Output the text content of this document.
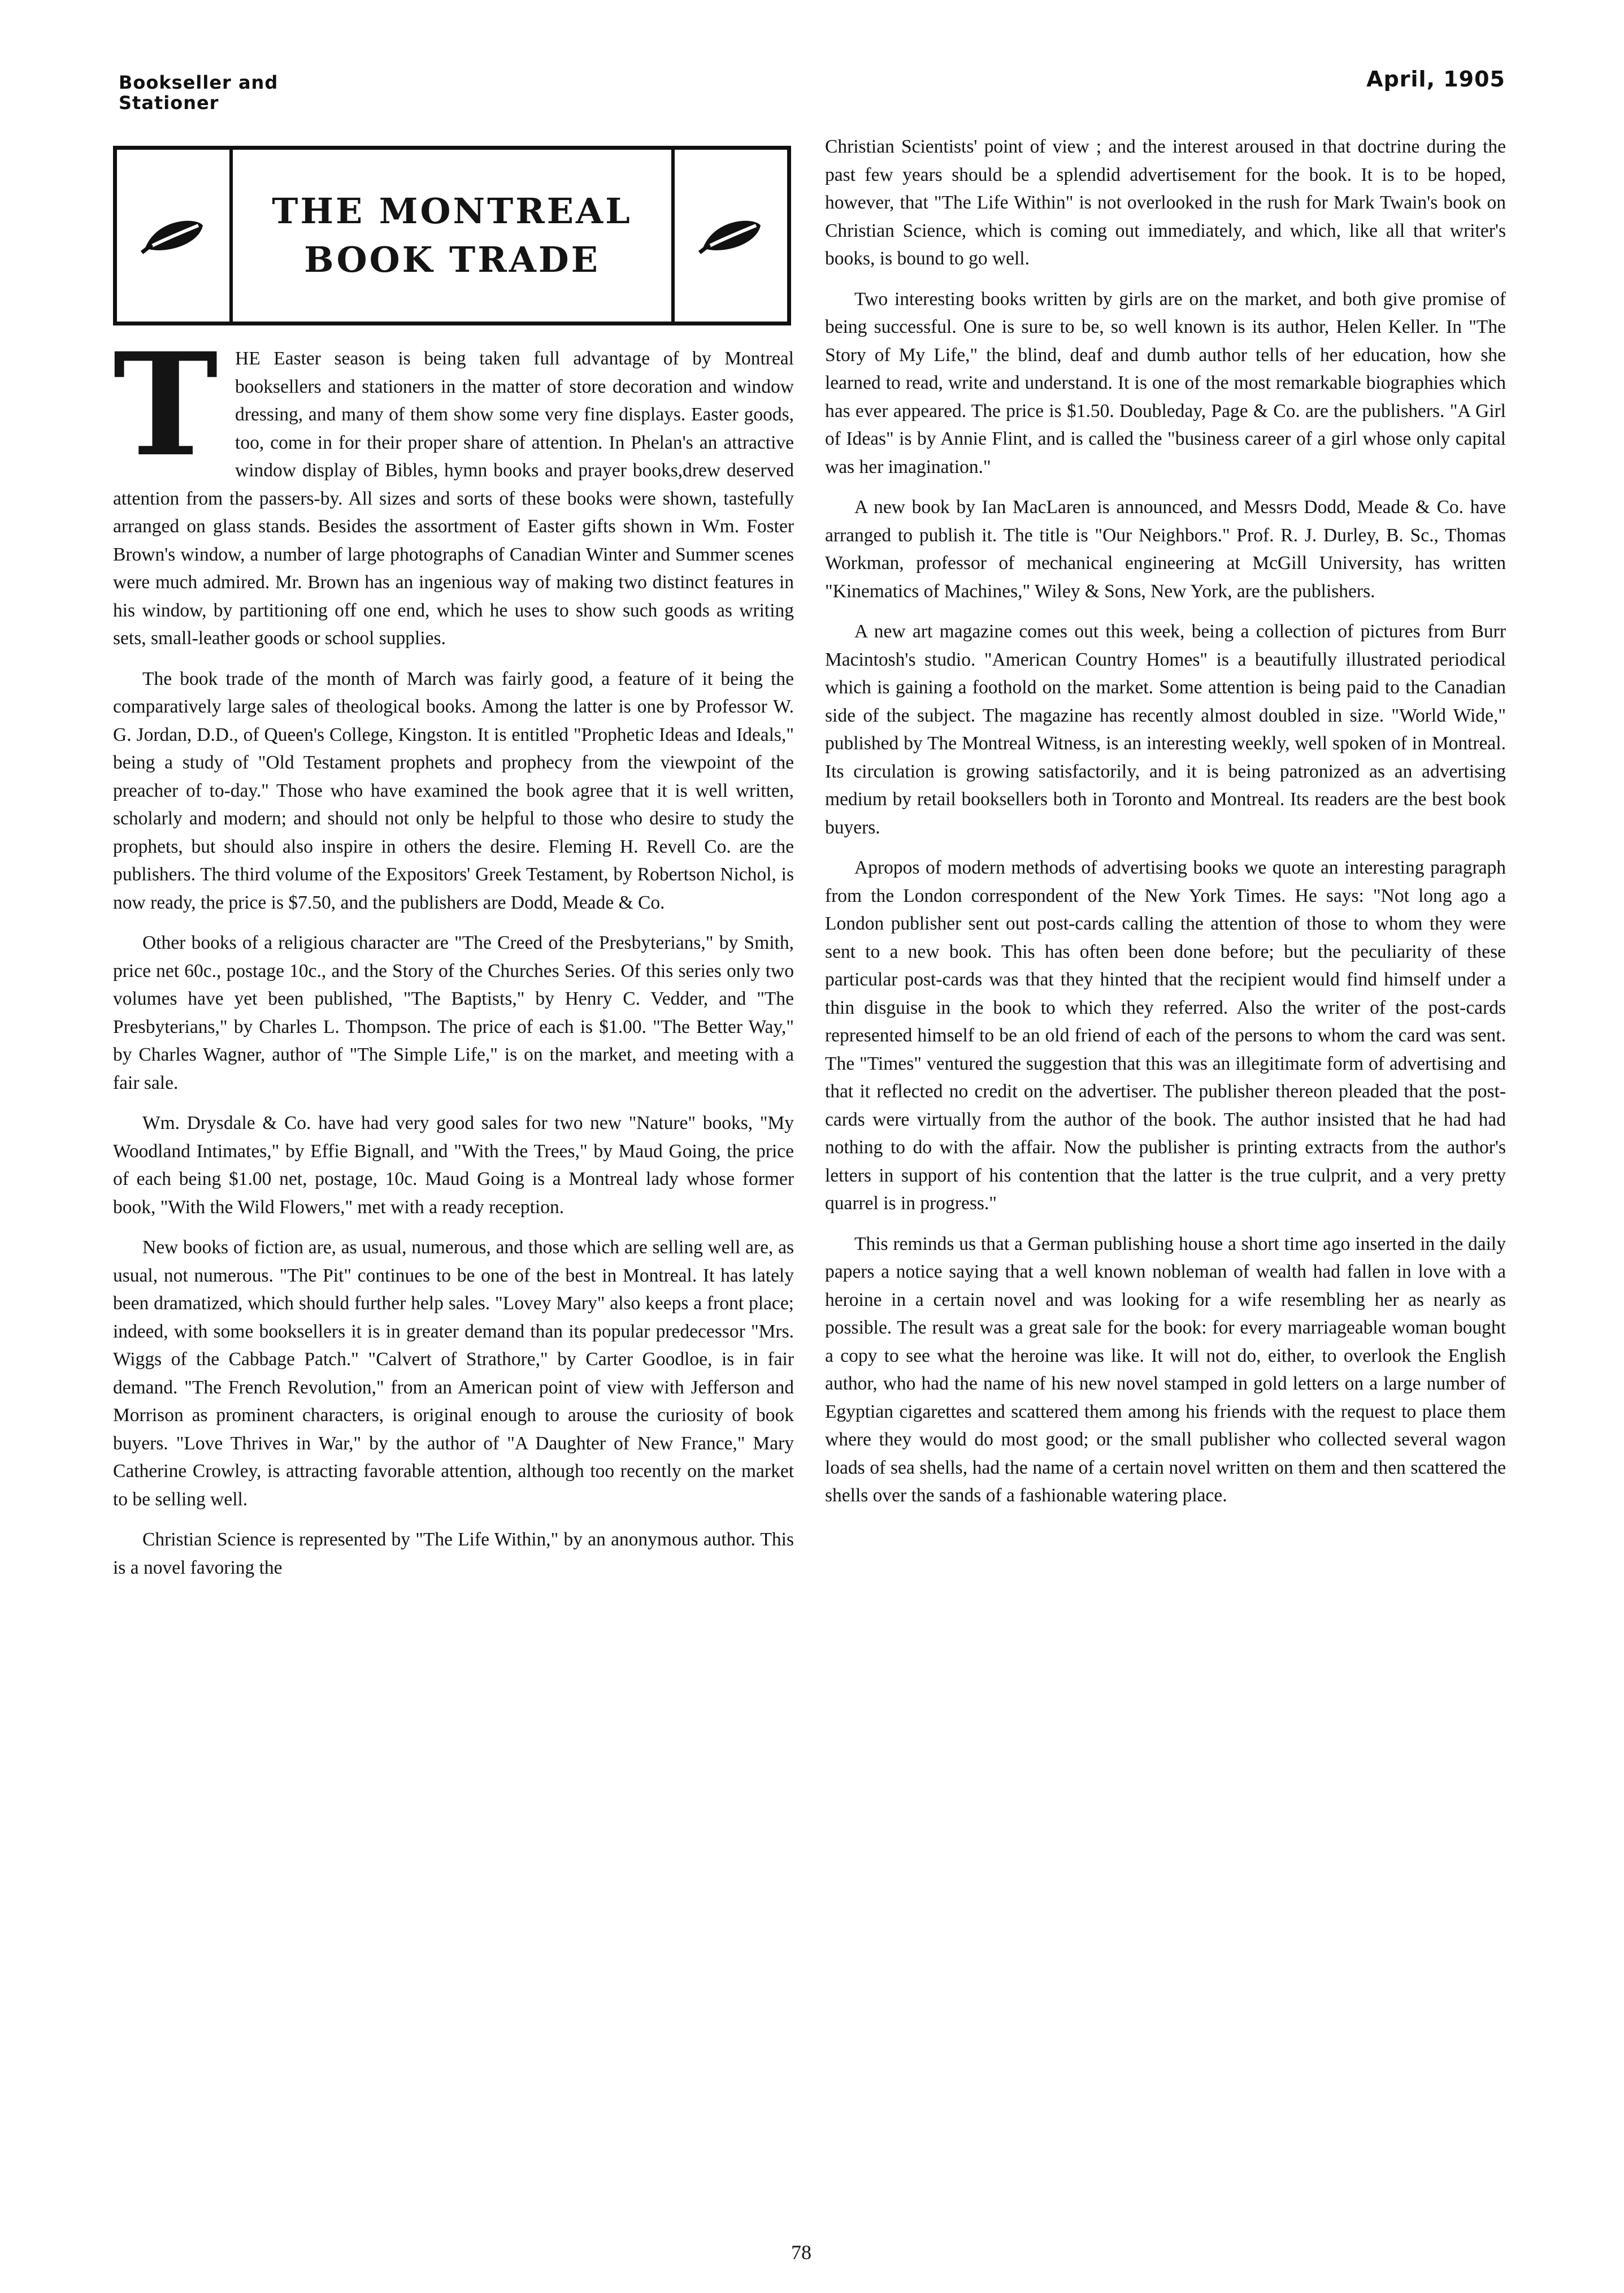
Bookseller and
Stationer
April, 1905
THE MONTREAL
BOOK TRADE

THE Easter season is being taken full advantage of by Montreal booksellers and stationers in the matter of store decoration and window dressing, and many of them show some very fine displays. Easter goods, too, come in for their proper share of attention. In Phelan's an attractive window display of Bibles, hymn books and prayer books,drew deserved attention from the passers-by. All sizes and sorts of these books were shown, tastefully arranged on glass stands. Besides the assortment of Easter gifts shown in Wm. Foster Brown's window, a number of large photographs of Canadian Winter and Summer scenes were much admired. Mr. Brown has an ingenious way of making two distinct features in his window, by partitioning off one end, which he uses to show such goods as writing sets, small-leather goods or school supplies.

The book trade of the month of March was fairly good, a feature of it being the comparatively large sales of theological books. Among the latter is one by Professor W. G. Jordan, D.D., of Queen's College, Kingston. It is entitled "Prophetic Ideas and Ideals," being a study of "Old Testament prophets and prophecy from the viewpoint of the preacher of to-day." Those who have examined the book agree that it is well written, scholarly and modern; and should not only be helpful to those who desire to study the prophets, but should also inspire in others the desire. Fleming H. Revell Co. are the publishers. The third volume of the Expositors' Greek Testament, by Robertson Nichol, is now ready, the price is $7.50, and the publishers are Dodd, Meade & Co.

Other books of a religious character are "The Creed of the Presbyterians," by Smith, price net 60c., postage 10c., and the Story of the Churches Series. Of this series only two volumes have yet been published, "The Baptists," by Henry C. Vedder, and "The Presbyterians," by Charles L. Thompson. The price of each is $1.00. "The Better Way," by Charles Wagner, author of "The Simple Life," is on the market, and meeting with a fair sale.

Wm. Drysdale & Co. have had very good sales for two new "Nature" books, "My Woodland Intimates," by Effie Bignall, and "With the Trees," by Maud Going, the price of each being $1.00 net, postage, 10c. Maud Going is a Montreal lady whose former book, "With the Wild Flowers," met with a ready reception.

New books of fiction are, as usual, numerous, and those which are selling well are, as usual, not numerous. "The Pit" continues to be one of the best in Montreal. It has lately been dramatized, which should further help sales. "Lovey Mary" also keeps a front place; indeed, with some booksellers it is in greater demand than its popular predecessor "Mrs. Wiggs of the Cabbage Patch." "Calvert of Strathore," by Carter Goodloe, is in fair demand. "The French Revolution," from an American point of view with Jefferson and Morrison as prominent characters, is original enough to arouse the curiosity of book buyers. "Love Thrives in War," by the author of "A Daughter of New France," Mary Catherine Crowley, is attracting favorable attention, although too recently on the market to be selling well.

Christian Science is represented by "The Life Within," by an anonymous author. This is a novel favoring the

Christian Scientists' point of view ; and the interest aroused in that doctrine during the past few years should be a splendid advertisement for the book. It is to be hoped, however, that "The Life Within" is not overlooked in the rush for Mark Twain's book on Christian Science, which is coming out immediately, and which, like all that writer's books, is bound to go well.

Two interesting books written by girls are on the market, and both give promise of being successful. One is sure to be, so well known is its author, Helen Keller. In "The Story of My Life," the blind, deaf and dumb author tells of her education, how she learned to read, write and understand. It is one of the most remarkable biographies which has ever appeared. The price is $1.50. Doubleday, Page & Co. are the publishers. "A Girl of Ideas" is by Annie Flint, and is called the "business career of a girl whose only capital was her imagination."

A new book by Ian MacLaren is announced, and Messrs Dodd, Meade & Co. have arranged to publish it. The title is "Our Neighbors." Prof. R. J. Durley, B. Sc., Thomas Workman, professor of mechanical engineering at McGill University, has written "Kinematics of Machines," Wiley & Sons, New York, are the publishers.

A new art magazine comes out this week, being a collection of pictures from Burr Macintosh's studio. "American Country Homes" is a beautifully illustrated periodical which is gaining a foothold on the market. Some attention is being paid to the Canadian side of the subject. The magazine has recently almost doubled in size. "World Wide," published by The Montreal Witness, is an interesting weekly, well spoken of in Montreal. Its circulation is growing satisfactorily, and it is being patronized as an advertising medium by retail booksellers both in Toronto and Montreal. Its readers are the best book buyers.

Apropos of modern methods of advertising books we quote an interesting paragraph from the London correspondent of the New York Times. He says: "Not long ago a London publisher sent out post-cards calling the attention of those to whom they were sent to a new book. This has often been done before; but the peculiarity of these particular post-cards was that they hinted that the recipient would find himself under a thin disguise in the book to which they referred. Also the writer of the post-cards represented himself to be an old friend of each of the persons to whom the card was sent. The "Times" ventured the suggestion that this was an illegitimate form of advertising and that it reflected no credit on the advertiser. The publisher thereon pleaded that the post-cards were virtually from the author of the book. The author insisted that he had had nothing to do with the affair. Now the publisher is printing extracts from the author's letters in support of his contention that the latter is the true culprit, and a very pretty quarrel is in progress."

This reminds us that a German publishing house a short time ago inserted in the daily papers a notice saying that a well known nobleman of wealth had fallen in love with a heroine in a certain novel and was looking for a wife resembling her as nearly as possible. The result was a great sale for the book: for every marriageable woman bought a copy to see what the heroine was like. It will not do, either, to overlook the English author, who had the name of his new novel stamped in gold letters on a large number of Egyptian cigarettes and scattered them among his friends with the request to place them where they would do most good; or the small publisher who collected several wagon loads of sea shells, had the name of a certain novel written on them and then scattered the shells over the sands of a fashionable watering place.

78
